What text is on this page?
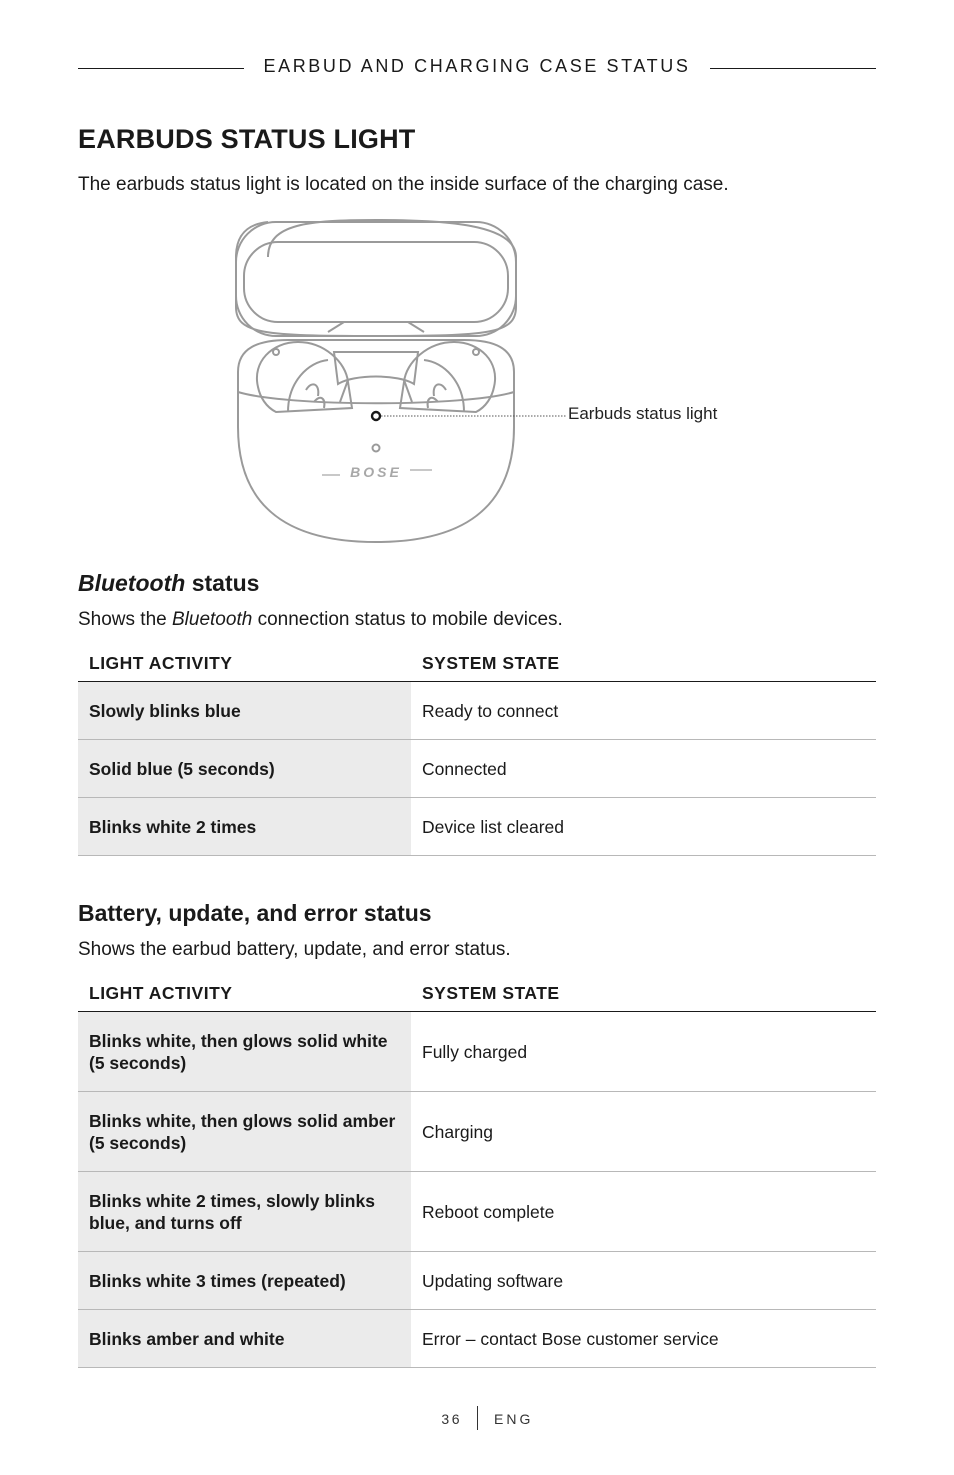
EARBUD AND CHARGING CASE STATUS
EARBUDS STATUS LIGHT

The earbuds status light is located on the inside surface of the charging case.

BOSE
Earbuds status light
Bluetooth status

Shows the Bluetooth connection status to mobile devices.

LIGHT ACTIVITY	SYSTEM STATE
Slowly blinks blue	Ready to connect
Solid blue (5 seconds)	Connected
Blinks white 2 times	Device list cleared
Battery, update, and error status

Shows the earbud battery, update, and error status.

LIGHT ACTIVITY	SYSTEM STATE
Blinks white, then glows solid white
(5 seconds)	Fully charged
Blinks white, then glows solid amber
(5 seconds)	Charging
Blinks white 2 times, slowly blinks
blue, and turns off	Reboot complete
Blinks white 3 times (repeated)	Updating software
Blinks amber and white	Error – contact Bose customer service
36 ENG
